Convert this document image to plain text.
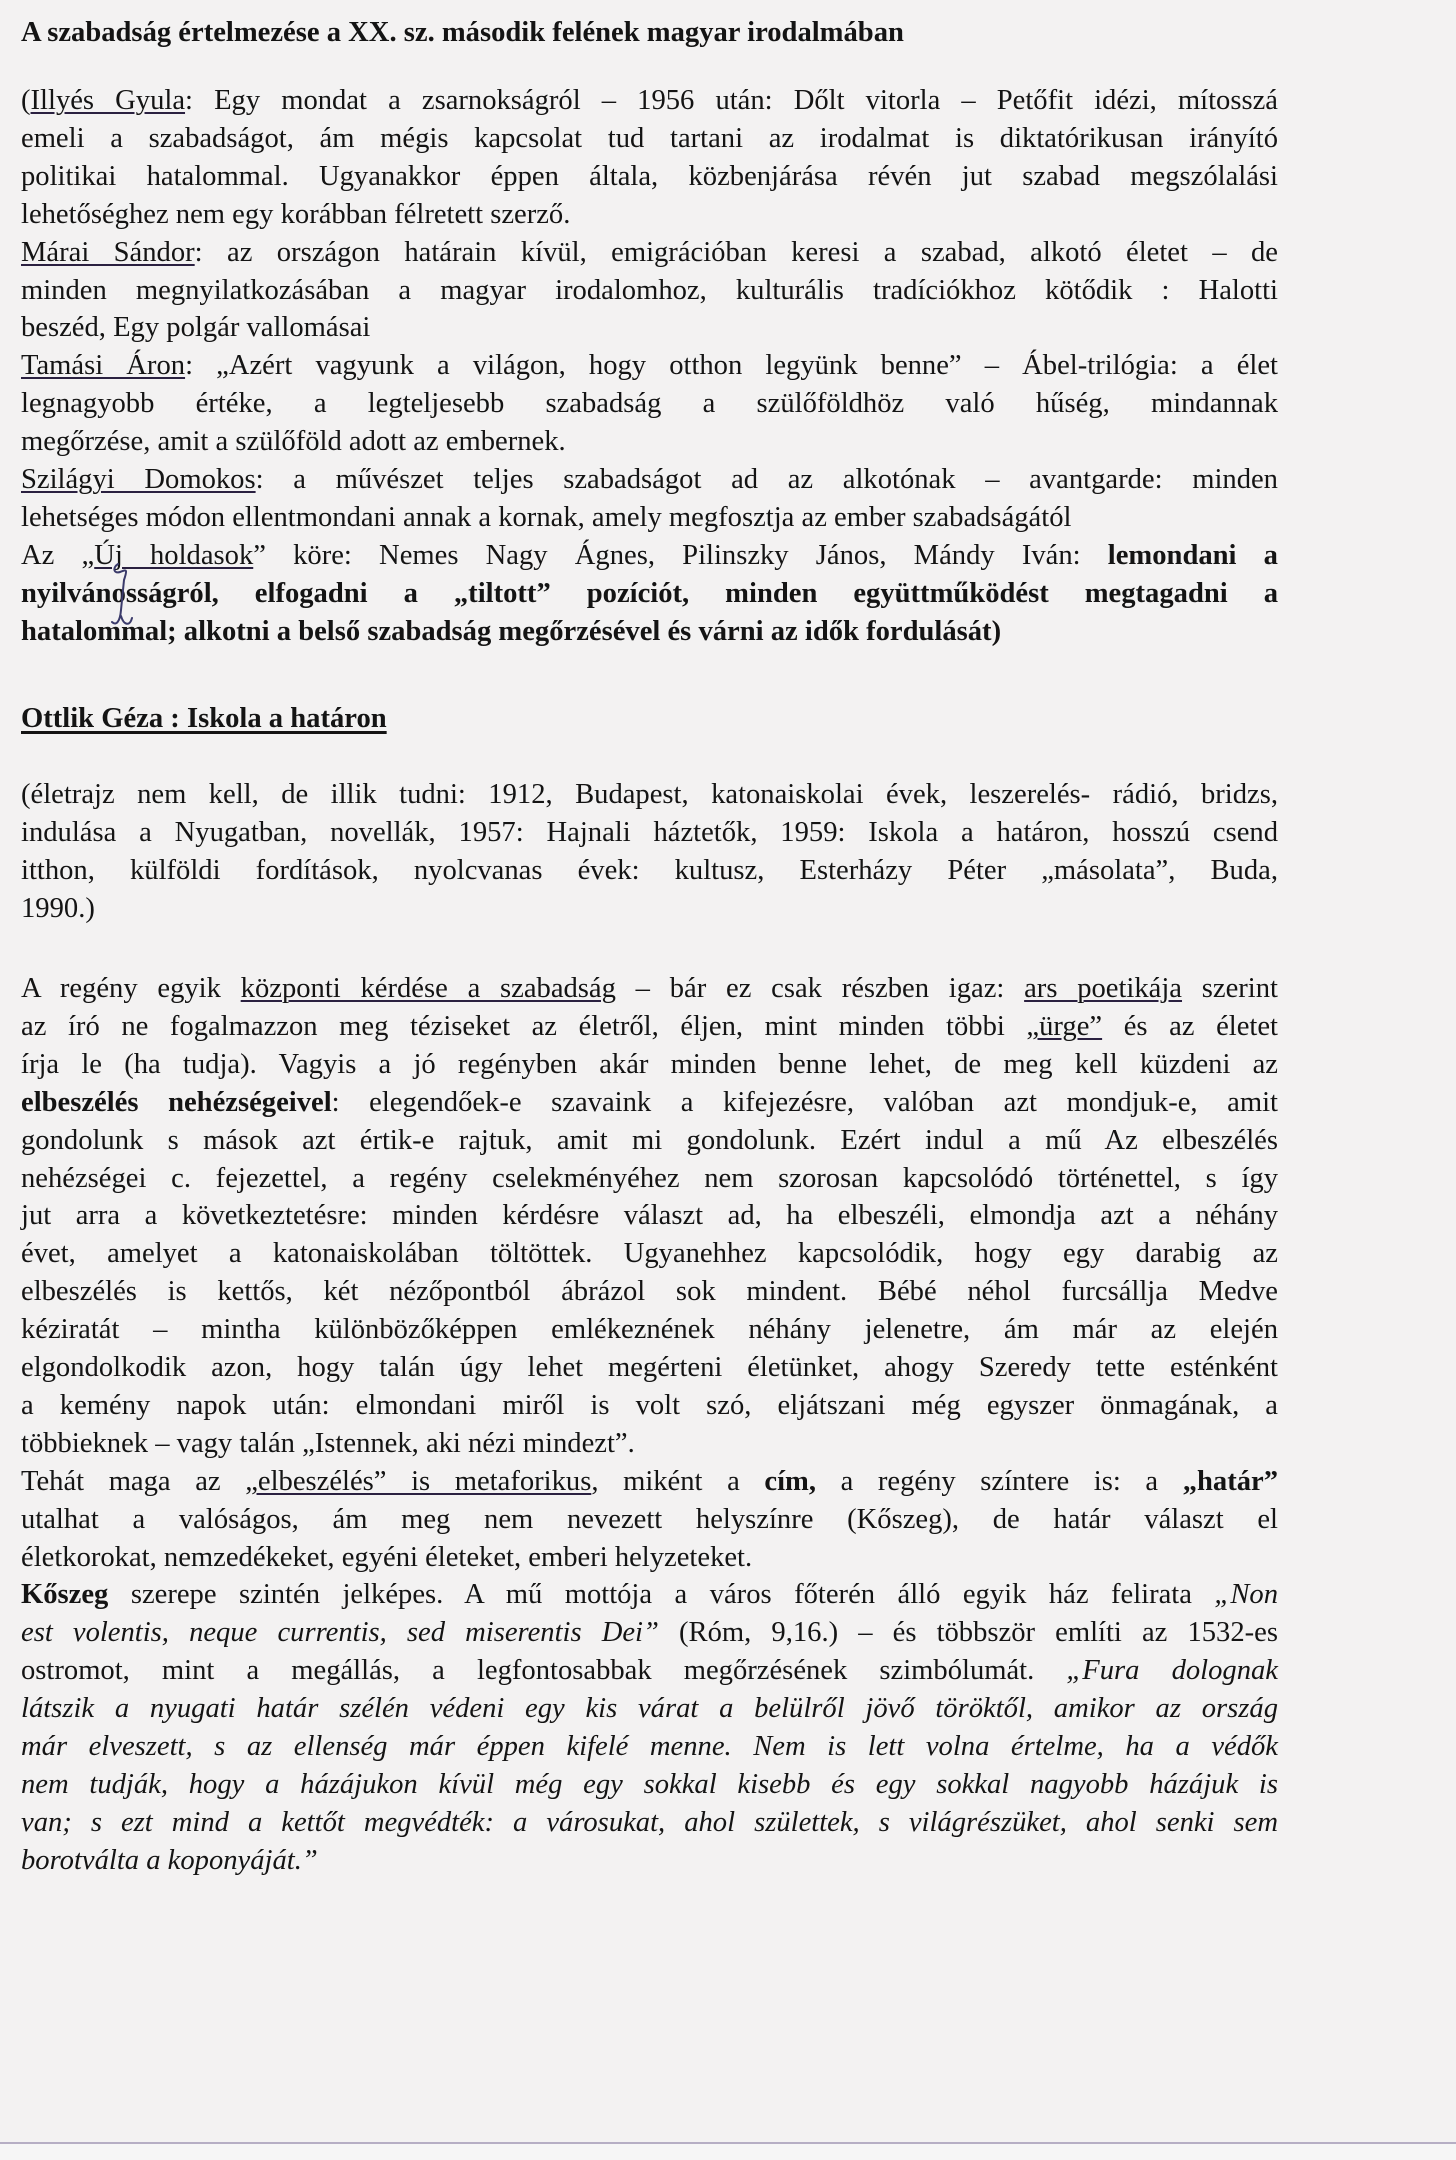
A szabadság értelmezése a XX. sz. második felének magyar irodalmában
(Illyés Gyula: Egy mondat a zsarnokságról – 1956 után: Dőlt vitorla – Petőfit idézi, mítosszá
emeli a szabadságot, ám mégis kapcsolat tud tartani az irodalmat is diktatórikusan irányító
politikai hatalommal. Ugyanakkor éppen általa, közbenjárása révén jut szabad megszólalási
lehetőséghez nem egy korábban félretett szerző.
Márai Sándor: az országon határain kívül, emigrációban keresi a szabad, alkotó életet – de
minden megnyilatkozásában a magyar irodalomhoz, kulturális tradíciókhoz kötődik : Halotti
beszéd, Egy polgár vallomásai
Tamási Áron: „Azért vagyunk a világon, hogy otthon legyünk benne” – Ábel-trilógia: a élet
legnagyobb értéke, a legteljesebb szabadság a szülőföldhöz való hűség, mindannak
megőrzése, amit a szülőföld adott az embernek.
Szilágyi Domokos: a művészet teljes szabadságot ad az alkotónak – avantgarde: minden
lehetséges módon ellentmondani annak a kornak, amely megfosztja az ember szabadságától
Az „Új holdasok” köre: Nemes Nagy Ágnes, Pilinszky János, Mándy Iván: lemondani a
nyilvánosságról, elfogadni a „tiltott” pozíciót, minden együttműködést megtagadni a
hatalommal; alkotni a belső szabadság megőrzésével és várni az idők fordulását)
Ottlik Géza : Iskola a határon
(életrajz nem kell, de illik tudni: 1912, Budapest, katonaiskolai évek, leszerelés- rádió, bridzs,
indulása a Nyugatban, novellák, 1957: Hajnali háztetők, 1959: Iskola a határon, hosszú csend
itthon, külföldi fordítások, nyolcvanas évek: kultusz, Esterházy Péter „másolata”, Buda,
1990.)
A regény egyik központi kérdése a szabadság – bár ez csak részben igaz: ars poetikája szerint
az író ne fogalmazzon meg téziseket az életről, éljen, mint minden többi „ürge” és az életet
írja le (ha tudja). Vagyis a jó regényben akár minden benne lehet, de meg kell küzdeni az
elbeszélés nehézségeivel: elegendőek-e szavaink a kifejezésre, valóban azt mondjuk-e, amit
gondolunk s mások azt értik-e rajtuk, amit mi gondolunk. Ezért indul a mű Az elbeszélés
nehézségei c. fejezettel, a regény cselekményéhez nem szorosan kapcsolódó történettel, s így
jut arra a következtetésre: minden kérdésre választ ad, ha elbeszéli, elmondja azt a néhány
évet, amelyet a katonaiskolában töltöttek. Ugyanehhez kapcsolódik, hogy egy darabig az
elbeszélés is kettős, két nézőpontból ábrázol sok mindent. Bébé néhol furcsállja Medve
kéziratát – mintha különbözőképpen emlékeznének néhány jelenetre, ám már az elején
elgondolkodik azon, hogy talán úgy lehet megérteni életünket, ahogy Szeredy tette esténként
a kemény napok után: elmondani miről is volt szó, eljátszani még egyszer önmagának, a
többieknek – vagy talán „Istennek, aki nézi mindezt”.
Tehát maga az „elbeszélés” is metaforikus, miként a cím, a regény színtere is: a „határ”
utalhat a valóságos, ám meg nem nevezett helyszínre (Kőszeg), de határ választ el
életkorokat, nemzedékeket, egyéni életeket, emberi helyzeteket.
Kőszeg szerepe szintén jelképes. A mű mottója a város főterén álló egyik ház felirata „Non
est volentis, neque currentis, sed miserentis Dei” (Róm, 9,16.) – és többször említi az 1532-es
ostromot, mint a megállás, a legfontosabbak megőrzésének szimbólumát. „Fura dolognak
látszik a nyugati határ szélén védeni egy kis várat a belülről jövő töröktől, amikor az ország
már elveszett, s az ellenség már éppen kifelé menne. Nem is lett volna értelme, ha a védők
nem tudják, hogy a házájukon kívül még egy sokkal kisebb és egy sokkal nagyobb házájuk is
van; s ezt mind a kettőt megvédték: a városukat, ahol születtek, s világrészüket, ahol senki sem
borotválta a koponyáját.”
